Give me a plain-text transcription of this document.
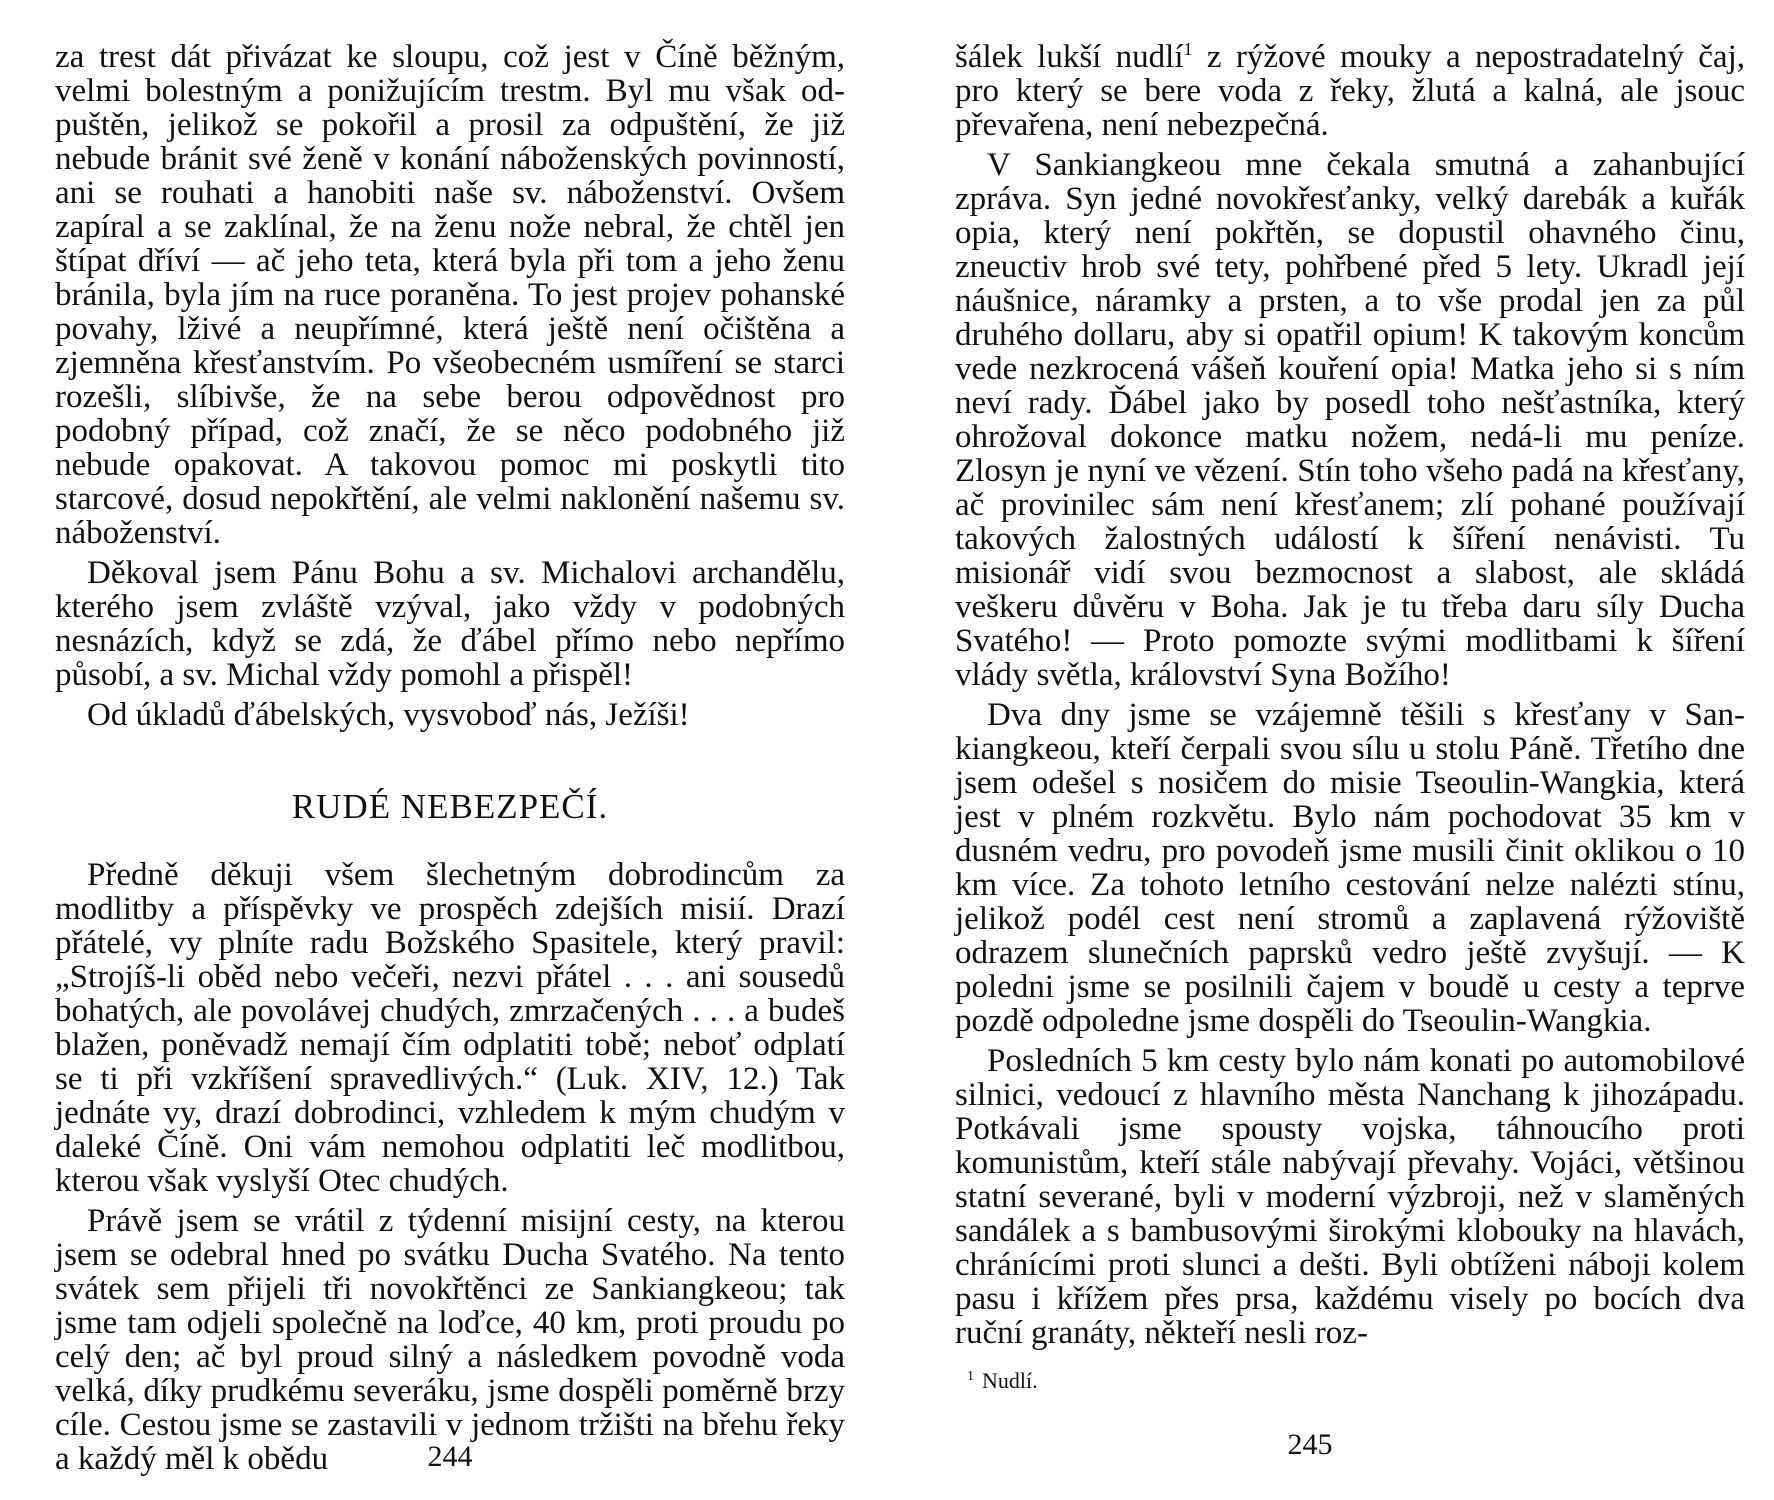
za trest dát přivázat ke sloupu, což jest v Číně běžným, velmi bolestným a ponižujícím trestm. Byl mu však odpuštěn, jelikož se pokořil a prosil za odpuštění, že již nebude bránit své ženě v konání náboženských povinností, ani se rouhati a hanobiti naše sv. náboženství. Ovšem zapíral a se zaklínal, že na ženu nože nebral, že chtěl jen štípat dříví — ač jeho teta, která byla při tom a jeho ženu bránila, byla jím na ruce poraněna. To jest projev pohanské povahy, lživé a neupřímné, která ještě není očištěna a zjemněna křesťanstvím. Po všeobecném usmíření se starci rozešli, slíbivše, že na sebe berou odpovědnost pro podobný případ, což značí, že se něco podobného již nebude opakovat. A takovou pomoc mi poskytli tito starcové, dosud nepokřtění, ale velmi naklonění našemu sv. náboženství.

Děkoval jsem Pánu Bohu a sv. Michalovi archandělu, kterého jsem zvláště vzýval, jako vždy v podobných nesnázích, když se zdá, že ďábel přímo nebo nepřímo působí, a sv. Michal vždy pomohl a přispěl!

Od úkladů ďábelských, vysvoboď nás, Ježíši!

RUDÉ NEBEZPEČÍ.

Předně děkuji všem šlechetným dobrodincům za modlitby a příspěvky ve prospěch zdejších misií. Drazí přátelé, vy plníte radu Božského Spasitele, který pravil: „Strojíš-li oběd nebo večeři, nezvi přátel . . . ani sousedů bohatých, ale povolávej chudých, zmrzačených . . . a budeš blažen, poněvadž nemají čím odplatiti tobě; neboť odplatí se ti při vzkříšení spravedlivých.“ (Luk. XIV, 12.) Tak jednáte vy, drazí dobrodinci, vzhledem k mým chudým v daleké Číně. Oni vám nemohou odplatiti leč modlitbou, kterou však vyslyší Otec chudých.

Právě jsem se vrátil z týdenní misijní cesty, na kterou jsem se odebral hned po svátku Ducha Svatého. Na tento svátek sem přijeli tři novokřtěnci ze Sankiangkeou; tak jsme tam odjeli společně na loďce, 40 km, proti proudu po celý den; ač byl proud silný a následkem povodně voda velká, díky prudkému severáku, jsme dospěli poměrně brzy cíle. Cestou jsme se zastavili v jednom tržišti na břehu řeky a každý měl k obědu	244

šálek lukší nudlí$^1$ z rýžové mouky a nepostradatelný čaj, pro který se bere voda z řeky, žlutá a kalná, ale jsouc převařena, není nebezpečná.

V Sankiangkeou mne čekala smutná a zahanbující zpráva. Syn jedné novokřesťanky, velký darebák a kuřák opia, který není pokřtěn, se dopustil ohavného činu, zneuctiv hrob své tety, pohřbené před 5 lety. Ukradl její náušnice, náramky a prsten, a to vše prodal jen za půl druhého dollaru, aby si opatřil opium! K takovým koncům vede nezkrocená vášeň kouření opia! Matka jeho si s ním neví rady. Ďábel jako by posedl toho nešťastníka, který ohrožoval dokonce matku nožem, nedá-li mu peníze. Zlosyn je nyní ve vězení. Stín toho všeho padá na křesťany, ač provinilec sám není křesťanem; zlí pohané používají takových žalostných událostí k šíření nenávisti. Tu misionář vidí svou bezmocnost a slabost, ale skládá veškeru důvěru v Boha. Jak je tu třeba daru síly Ducha Svatého! — Proto pomozte svými modlitbami k šíření vlády světla, království Syna Božího!

Dva dny jsme se vzájemně těšili s křesťany v Sankiangkeou, kteří čerpali svou sílu u stolu Páně. Třetího dne jsem odešel s nosičem do misie Tseoulin-Wangkia, která jest v plném rozkvětu. Bylo nám pochodovat 35 km v dusném vedru, pro povodeň jsme musili činit oklikou o 10 km více. Za tohoto letního cestování nelze nalézti stínu, jelikož podél cest není stromů a zaplavená rýžoviště odrazem slunečních paprsků vedro ještě zvyšují. — K poledni jsme se posilnili čajem v boudě u cesty a teprve pozdě odpoledne jsme dospěli do Tseoulin-Wangkia.

Posledních 5 km cesty bylo nám konati po automobilové silnici, vedoucí z hlavního města Nanchang k jihozápadu. Potkávali jsme spousty vojska, táhnoucího proti komunistům, kteří stále nabývají převahy. Vojáci, většinou statní severané, byli v moderní výzbroji, než v slaměných sandálek a s bambusovými širokými klobouky na hlavách, chránícími proti slunci a dešti. Byli obtíženi náboji kolem pasu i křížem přes prsa, každému visely po bocích dva ruční granáty, někteří nesli roz-

$^1$ Nudlí.
245
